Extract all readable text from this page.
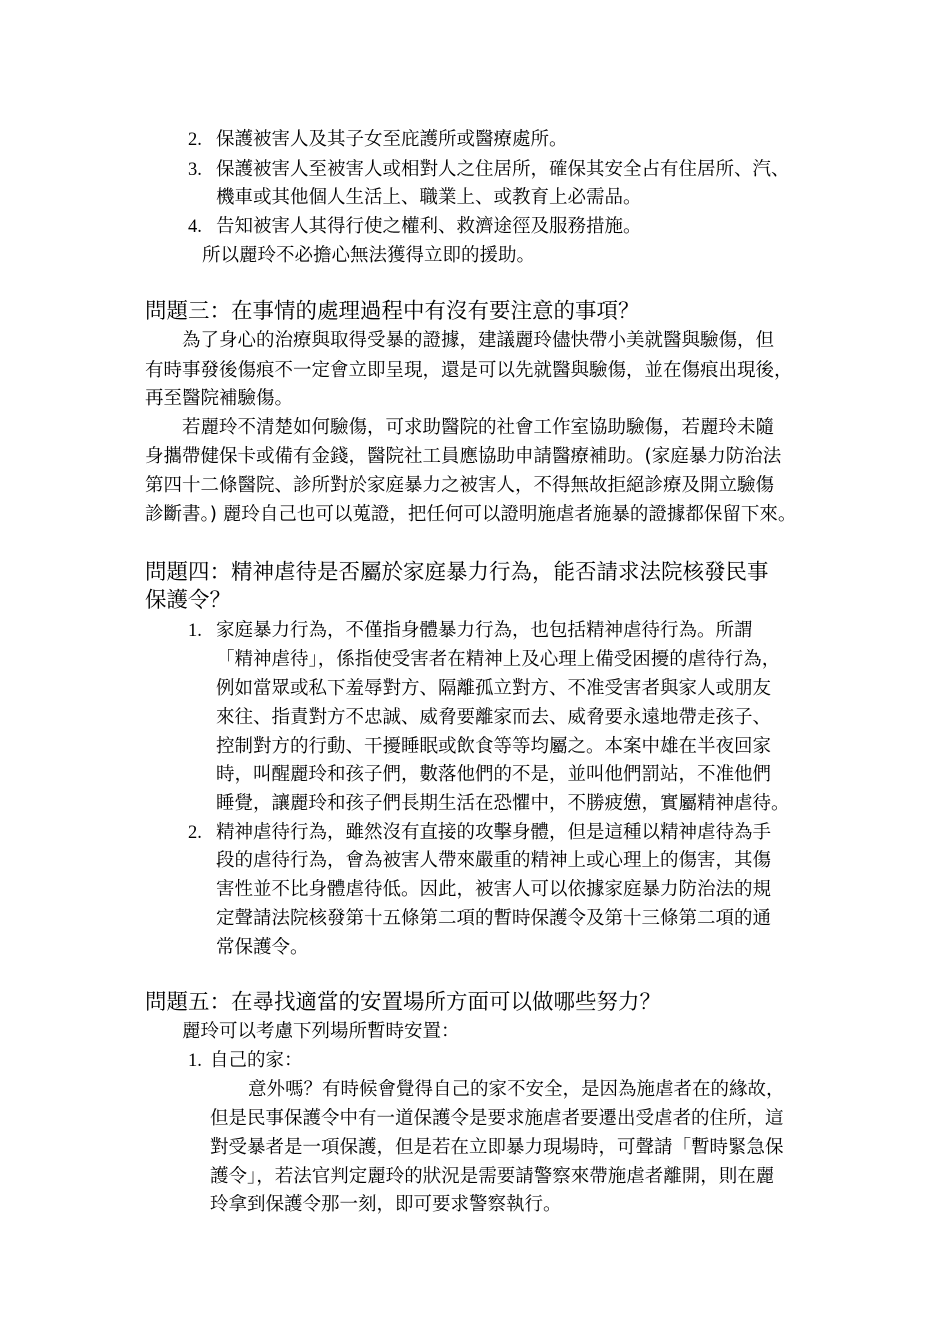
2. 保護被害人及其子女至庇護所或醫療處所。
3. 保護被害人至被害人或相對人之住居所，確保其安全占有住居所、汽、
機車或其他個人生活上、職業上、或教育上必需品。
4. 告知被害人其得行使之權利、救濟途徑及服務措施。
所以麗玲不必擔心無法獲得立即的援助。
問題三：在事情的處理過程中有沒有要注意的事項？
為了身心的治療與取得受暴的證據，建議麗玲儘快帶小美就醫與驗傷，但
有時事發後傷痕不一定會立即呈現，還是可以先就醫與驗傷，並在傷痕出現後，
再至醫院補驗傷。
若麗玲不清楚如何驗傷，可求助醫院的社會工作室協助驗傷，若麗玲未隨
身攜帶健保卡或備有金錢，醫院社工員應協助申請醫療補助。(家庭暴力防治法
第四十二條醫院、診所對於家庭暴力之被害人，不得無故拒絕診療及開立驗傷
診斷書。) 麗玲自己也可以蒐證，把任何可以證明施虐者施暴的證據都保留下來。
問題四：精神虐待是否屬於家庭暴力行為，能否請求法院核發民事
保護令？
1. 家庭暴力行為，不僅指身體暴力行為，也包括精神虐待行為。所謂
「精神虐待」，係指使受害者在精神上及心理上備受困擾的虐待行為，
例如當眾或私下羞辱對方、隔離孤立對方、不准受害者與家人或朋友
來往、指責對方不忠誠、威脅要離家而去、威脅要永遠地帶走孩子、
控制對方的行動、干擾睡眠或飲食等等均屬之。本案中雄在半夜回家
時，叫醒麗玲和孩子們，數落他們的不是，並叫他們罰站，不准他們
睡覺，讓麗玲和孩子們長期生活在恐懼中，不勝疲憊，實屬精神虐待。
2. 精神虐待行為，雖然沒有直接的攻擊身體，但是這種以精神虐待為手
段的虐待行為，會為被害人帶來嚴重的精神上或心理上的傷害，其傷
害性並不比身體虐待低。因此，被害人可以依據家庭暴力防治法的規
定聲請法院核發第十五條第二項的暫時保護令及第十三條第二項的通
常保護令。
問題五：在尋找適當的安置場所方面可以做哪些努力？
麗玲可以考慮下列場所暫時安置：
1. 自己的家：
意外嗎？有時候會覺得自己的家不安全，是因為施虐者在的緣故，
但是民事保護令中有一道保護令是要求施虐者要遷出受虐者的住所，這
對受暴者是一項保護，但是若在立即暴力現場時，可聲請「暫時緊急保
護令」，若法官判定麗玲的狀況是需要請警察來帶施虐者離開，則在麗
玲拿到保護令那一刻，即可要求警察執行。
